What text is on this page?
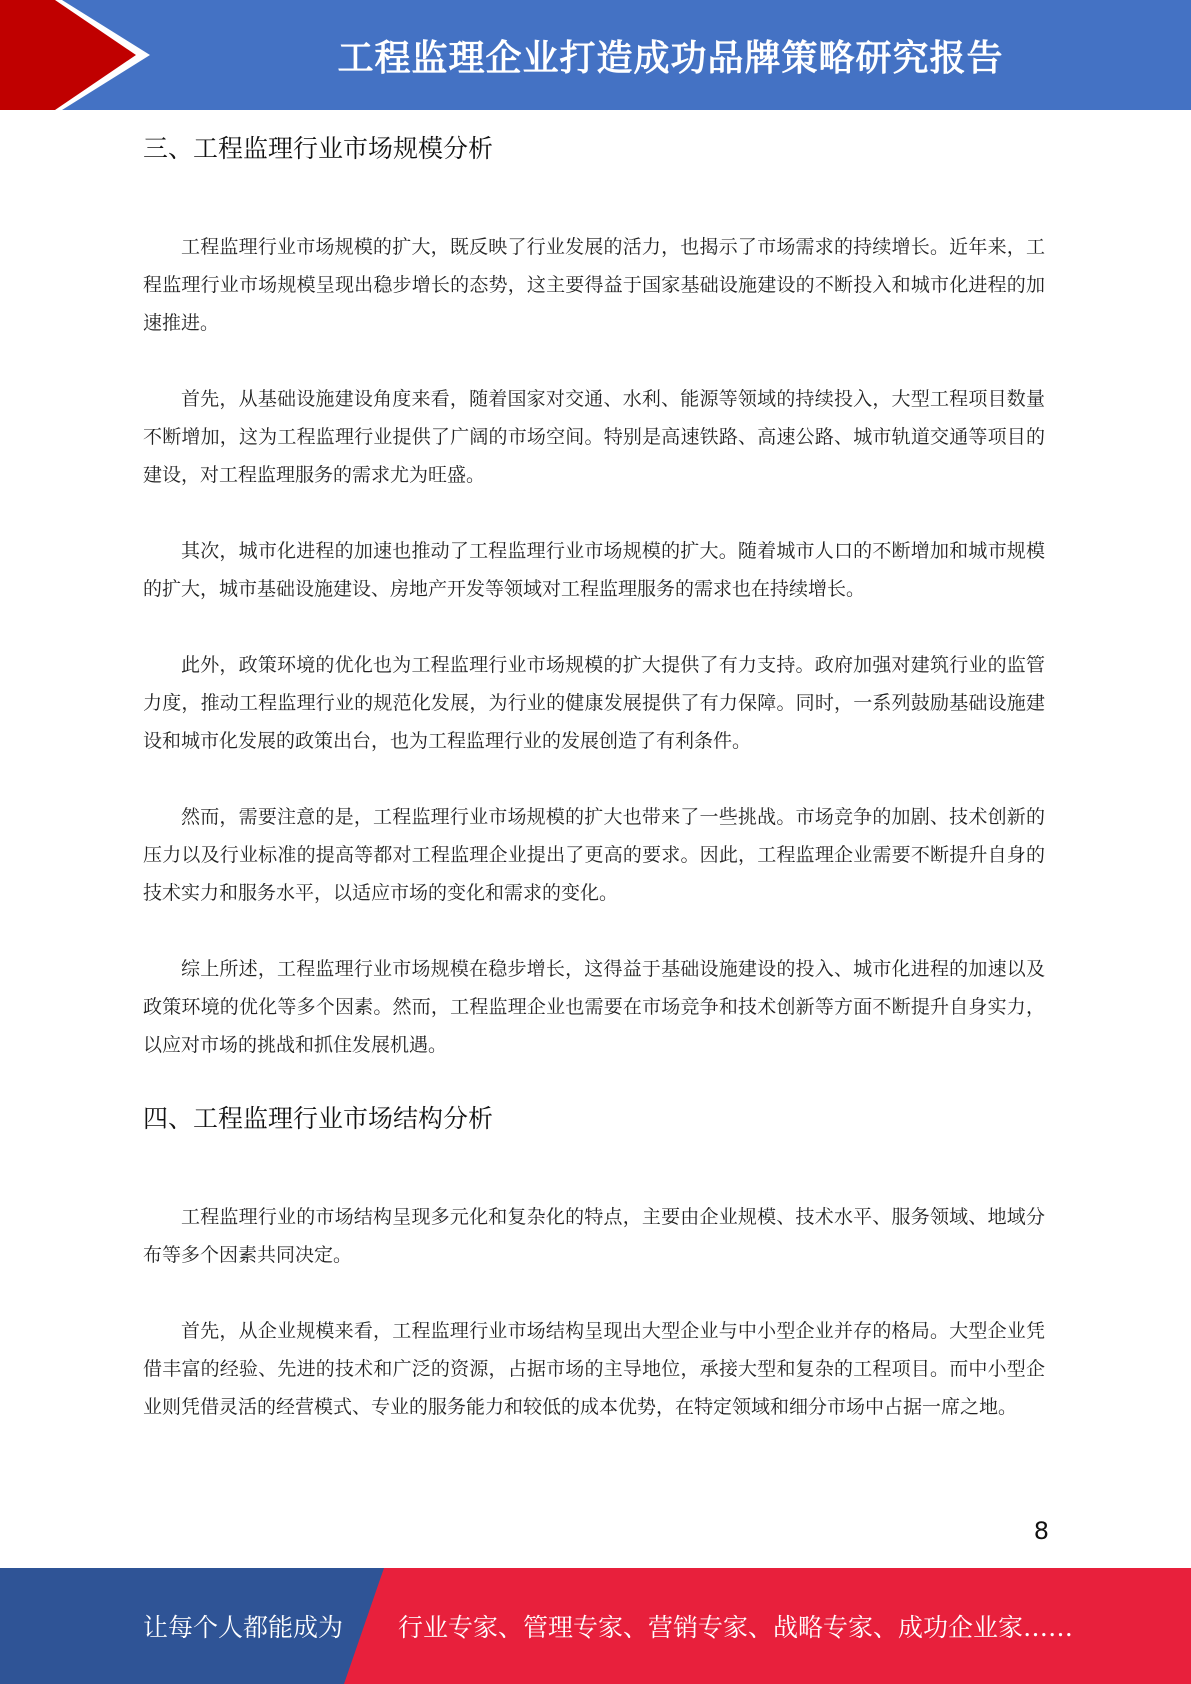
工程监理企业打造成功品牌策略研究报告
三、工程监理行业市场规模分析

工程监理行业市场规模的扩大，既反映了行业发展的活力，也揭示了市场需求的持续增长。近年来，工程监理行业市场规模呈现出稳步增长的态势，这主要得益于国家基础设施建设的不断投入和城市化进程的加速推进。

首先，从基础设施建设角度来看，随着国家对交通、水利、能源等领域的持续投入，大型工程项目数量不断增加，这为工程监理行业提供了广阔的市场空间。特别是高速铁路、高速公路、城市轨道交通等项目的建设，对工程监理服务的需求尤为旺盛。

其次，城市化进程的加速也推动了工程监理行业市场规模的扩大。随着城市人口的不断增加和城市规模的扩大，城市基础设施建设、房地产开发等领域对工程监理服务的需求也在持续增长。

此外，政策环境的优化也为工程监理行业市场规模的扩大提供了有力支持。政府加强对建筑行业的监管力度，推动工程监理行业的规范化发展，为行业的健康发展提供了有力保障。同时，一系列鼓励基础设施建设和城市化发展的政策出台，也为工程监理行业的发展创造了有利条件。

然而，需要注意的是，工程监理行业市场规模的扩大也带来了一些挑战。市场竞争的加剧、技术创新的压力以及行业标准的提高等都对工程监理企业提出了更高的要求。因此，工程监理企业需要不断提升自身的技术实力和服务水平，以适应市场的变化和需求的变化。

综上所述，工程监理行业市场规模在稳步增长，这得益于基础设施建设的投入、城市化进程的加速以及政策环境的优化等多个因素。然而，工程监理企业也需要在市场竞争和技术创新等方面不断提升自身实力，以应对市场的挑战和抓住发展机遇。

四、工程监理行业市场结构分析

工程监理行业的市场结构呈现多元化和复杂化的特点，主要由企业规模、技术水平、服务领域、地域分布等多个因素共同决定。

首先，从企业规模来看，工程监理行业市场结构呈现出大型企业与中小型企业并存的格局。大型企业凭借丰富的经验、先进的技术和广泛的资源，占据市场的主导地位，承接大型和复杂的工程项目。而中小型企业则凭借灵活的经营模式、专业的服务能力和较低的成本优势，在特定领域和细分市场中占据一席之地。

8
让每个人都能成为 行业专家、管理专家、营销专家、战略专家、成功企业家……
